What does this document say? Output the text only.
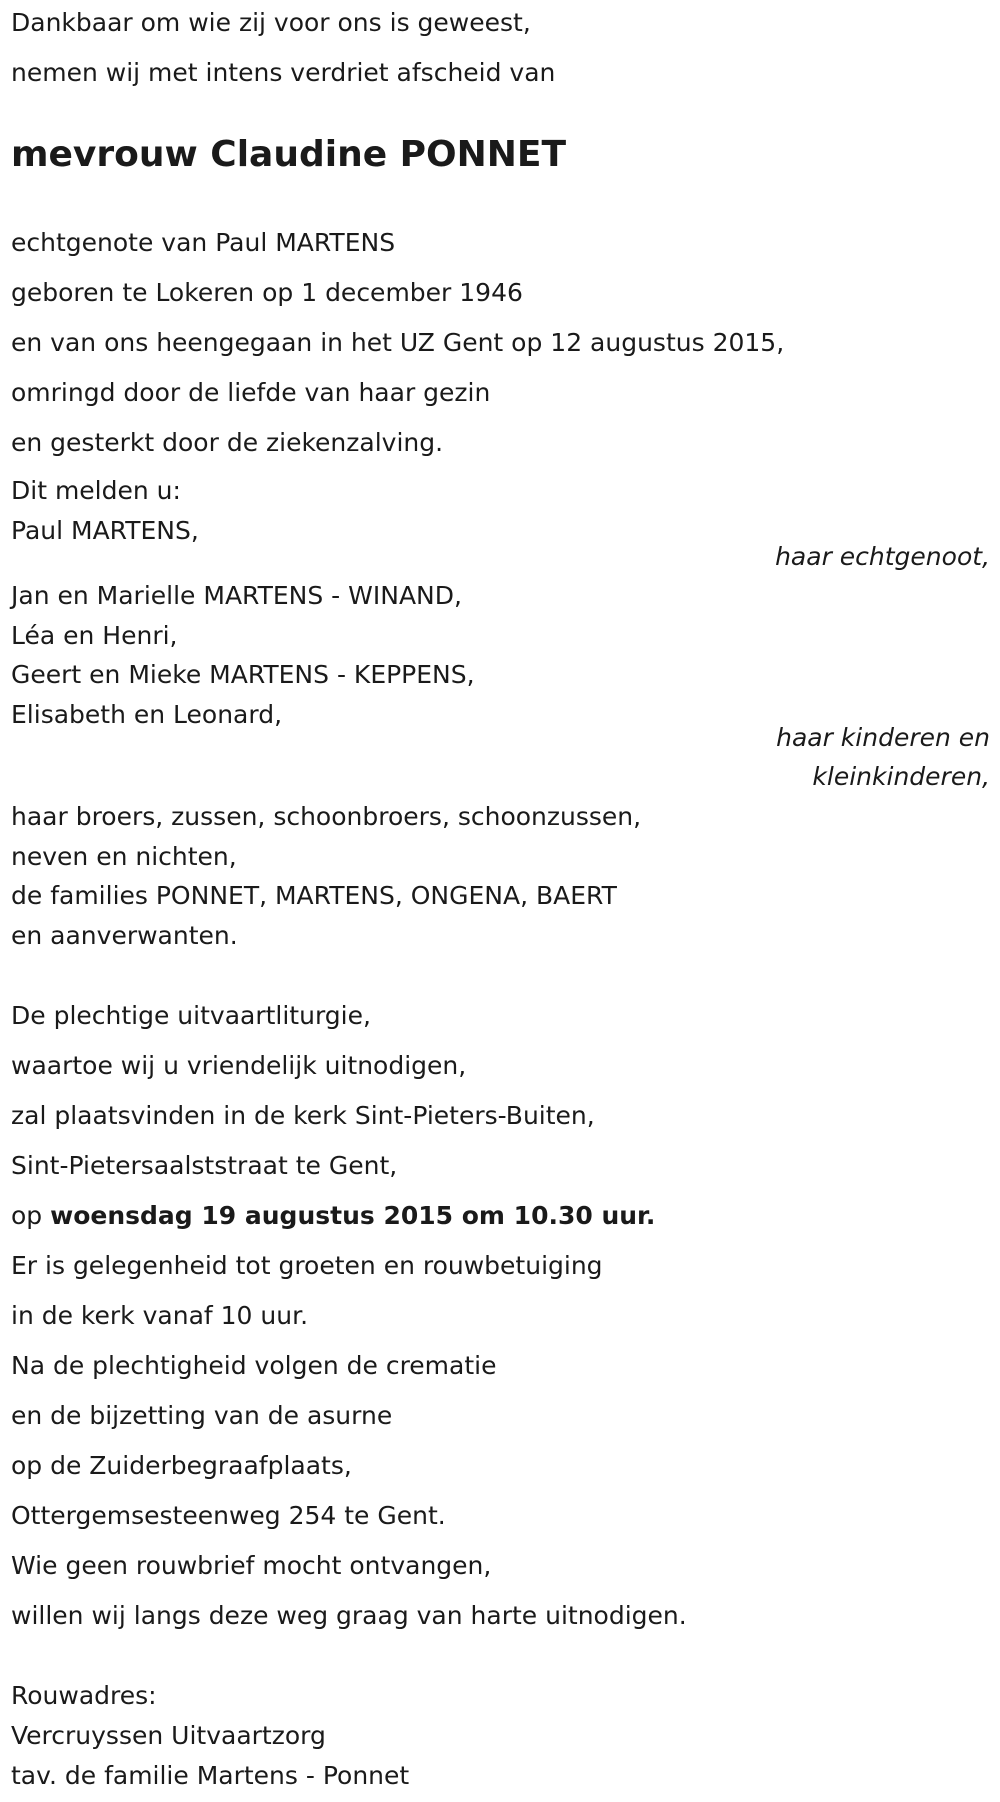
Dankbaar om wie zij voor ons is geweest,
nemen wij met intens verdriet afscheid van
mevrouw Claudine PONNET
echtgenote van Paul MARTENS
geboren te Lokeren op 1 december 1946
en van ons heengegaan in het UZ Gent op 12 augustus 2015,
omringd door de liefde van haar gezin
en gesterkt door de ziekenzalving.
Dit melden u:
Paul MARTENS,
haar echtgenoot,
Jan en Marielle MARTENS - WINAND,
Léa en Henri,
Geert en Mieke MARTENS - KEPPENS,
Elisabeth en Leonard,
haar kinderen en
kleinkinderen,
haar broers, zussen, schoonbroers, schoonzussen,
neven en nichten,
de families PONNET, MARTENS, ONGENA, BAERT
en aanverwanten.
De plechtige uitvaartliturgie,
waartoe wij u vriendelijk uitnodigen,
zal plaatsvinden in de kerk Sint-Pieters-Buiten,
Sint-Pietersaalststraat te Gent,
op woensdag 19 augustus 2015 om 10.30 uur.
Er is gelegenheid tot groeten en rouwbetuiging
in de kerk vanaf 10 uur.
Na de plechtigheid volgen de crematie
en de bijzetting van de asurne
op de Zuiderbegraafplaats,
Ottergemsesteenweg 254 te Gent.
Wie geen rouwbrief mocht ontvangen,
willen wij langs deze weg graag van harte uitnodigen.
Rouwadres:
Vercruyssen Uitvaartzorg
tav. de familie Martens - Ponnet
